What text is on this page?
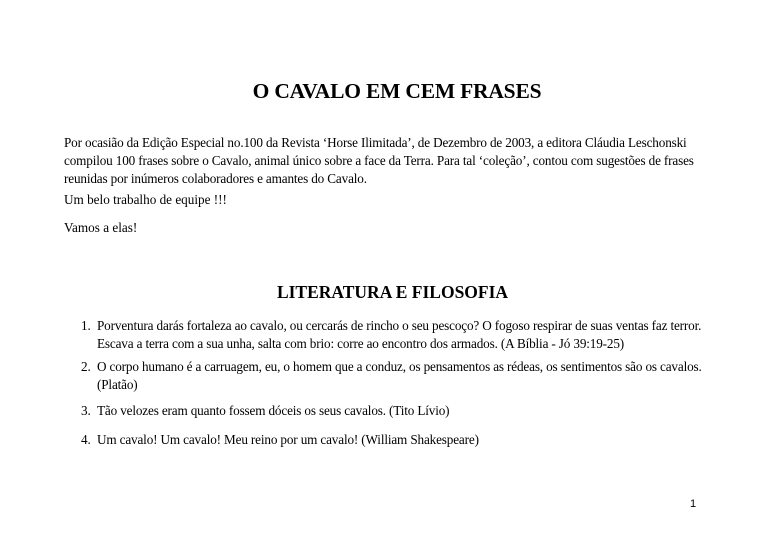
O CAVALO EM CEM FRASES
Por ocasião da Edição Especial no.100 da Revista ‘Horse Ilimitada’, de Dezembro de 2003, a editora Cláudia Leschonski
compilou 100 frases sobre o Cavalo, animal único sobre a face da Terra. Para tal ‘coleção’, contou com sugestões de frases
reunidas por inúmeros colaboradores e amantes do Cavalo.
Um belo trabalho de equipe !!!
Vamos a elas!
LITERATURA E FILOSOFIA
1. Porventura darás fortaleza ao cavalo, ou cercarás de rincho o seu pescoço? O fogoso respirar de suas ventas faz terror.
Escava a terra com a sua unha, salta com brio: corre ao encontro dos armados. (A Bíblia - Jó 39:19-25)
2. O corpo humano é a carruagem, eu, o homem que a conduz, os pensamentos as rédeas, os sentimentos são os cavalos.
(Platão)
3. Tão velozes eram quanto fossem dóceis os seus cavalos. (Tito Lívio)
4. Um cavalo! Um cavalo! Meu reino por um cavalo! (William Shakespeare)
1
